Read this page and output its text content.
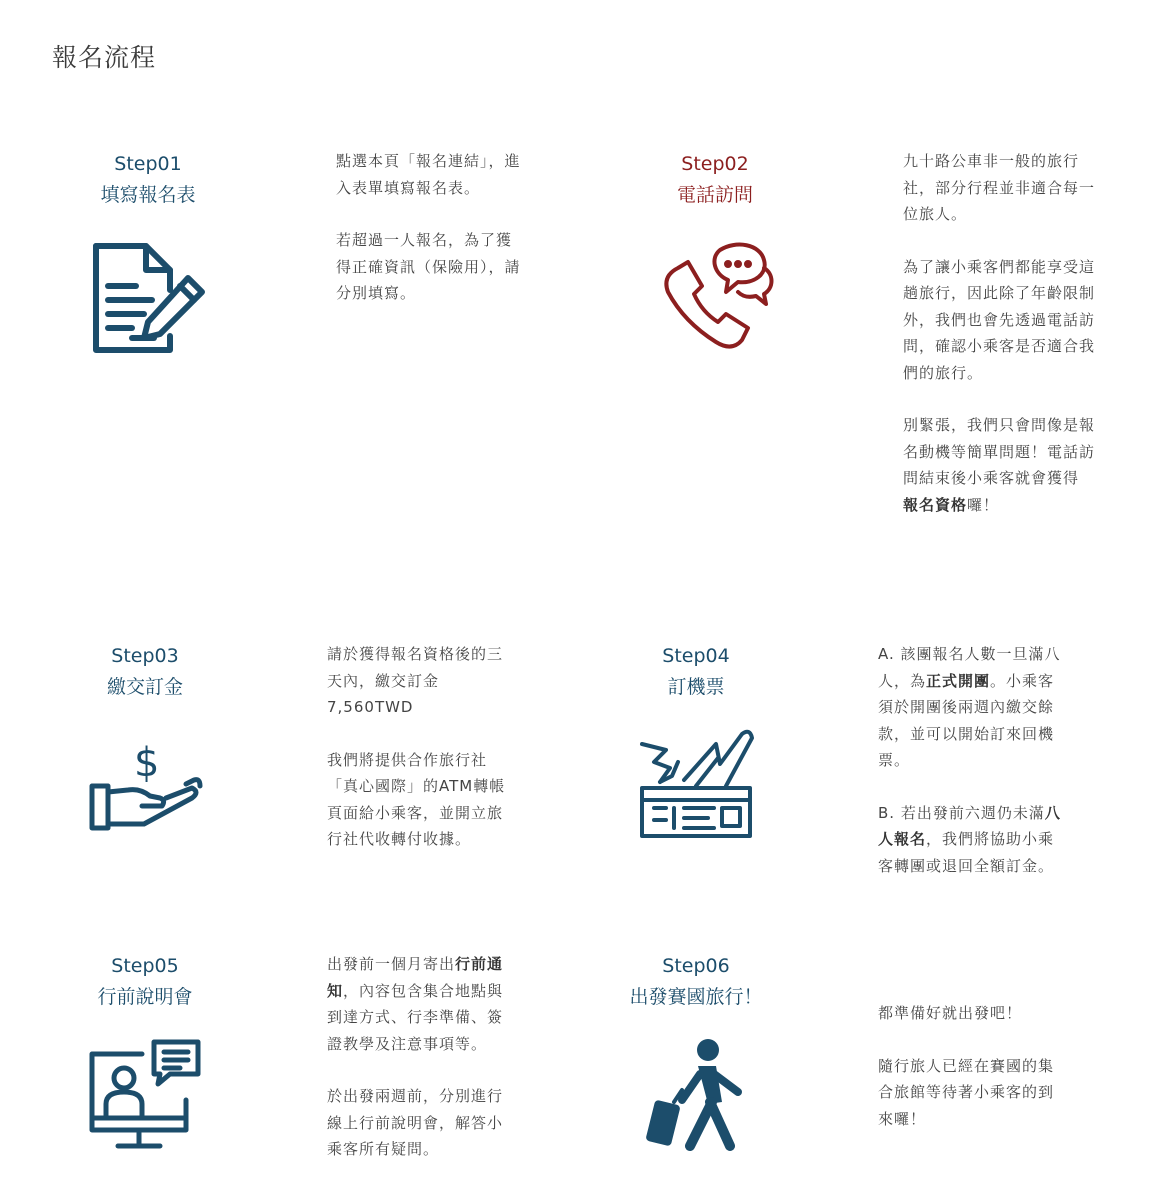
報名流程
Step01
填寫報名表

點選本頁「報名連結」，進入表單填寫報名表。

若超過一人報名，為了獲得正確資訊（保險用），請分別填寫。

Step02
電話訪問

九十路公車非一般的旅行社，部分行程並非適合每一位旅人。

為了讓小乘客們都能享受這趟旅行，因此除了年齡限制外，我們也會先透過電話訪問，確認小乘客是否適合我們的旅行。

別緊張，我們只會問像是報名動機等簡單問題！電話訪問結束後小乘客就會獲得報名資格囉！

Step03
繳交訂金
$

請於獲得報名資格後的三天內，繳交訂金7,560TWD

我們將提供合作旅行社「真心國際」的ATM轉帳頁面給小乘客，並開立旅行社代收轉付收據。

Step04
訂機票

A. 該團報名人數一旦滿八人，為正式開團。小乘客須於開團後兩週內繳交餘款，並可以開始訂來回機票。

B. 若出發前六週仍未滿八人報名，我們將協助小乘客轉團或退回全額訂金。

Step05
行前說明會

出發前一個月寄出行前通知，內容包含集合地點與到達方式、行李準備、簽證教學及注意事項等。

於出發兩週前，分別進行線上行前說明會，解答小乘客所有疑問。

Step06
出發賽國旅行！

都準備好就出發吧！

隨行旅人已經在賽國的集合旅館等待著小乘客的到來囉！
